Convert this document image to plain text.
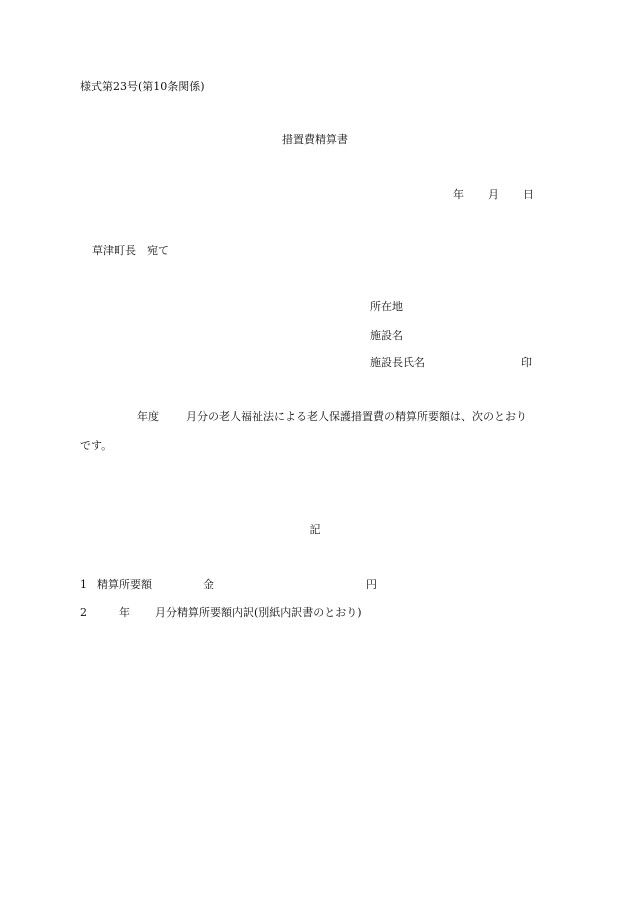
様式第23号(第10条関係)
措置費精算書
年 月 日
草津町長　宛て
所在地
施設名
施設長氏名	印
年度 月分の老人福祉法による老人保護措置費の精算所要額は、次のとおり
です。
記
1 精算所要額	金	円
2	年 月分精算所要額内訳(別紙内訳書のとおり)
